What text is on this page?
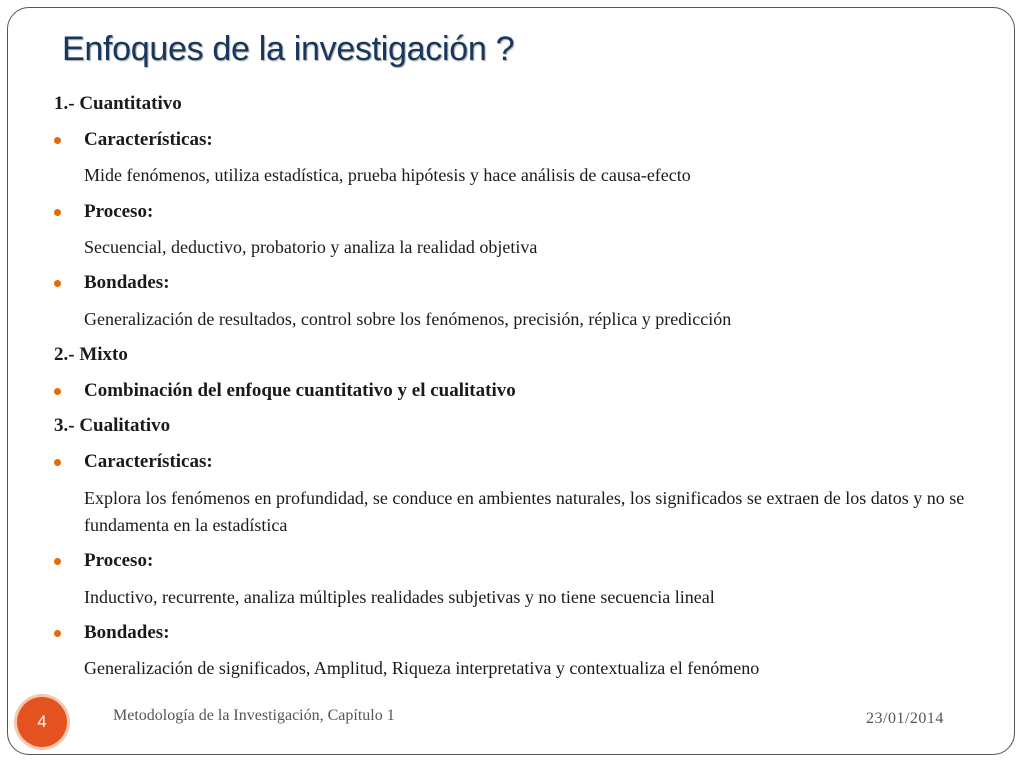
Enfoques de la investigación ?
1.- Cuantitativo
Características:
Mide fenómenos, utiliza estadística, prueba hipótesis y hace análisis de causa-efecto
Proceso:
Secuencial, deductivo, probatorio y analiza la realidad objetiva
Bondades:
Generalización de resultados, control sobre los fenómenos, precisión, réplica y predicción
2.- Mixto
Combinación del enfoque cuantitativo y el cualitativo
3.- Cualitativo
Características:
Explora los fenómenos en profundidad, se conduce en ambientes naturales, los significados se extraen de los datos y no se fundamenta en la estadística
Proceso:
Inductivo, recurrente, analiza múltiples realidades subjetivas y no tiene secuencia lineal
Bondades:
Generalización de significados, Amplitud, Riqueza interpretativa y contextualiza el fenómeno
4	Metodología de la Investigación, Capítulo 1	23/01/2014
